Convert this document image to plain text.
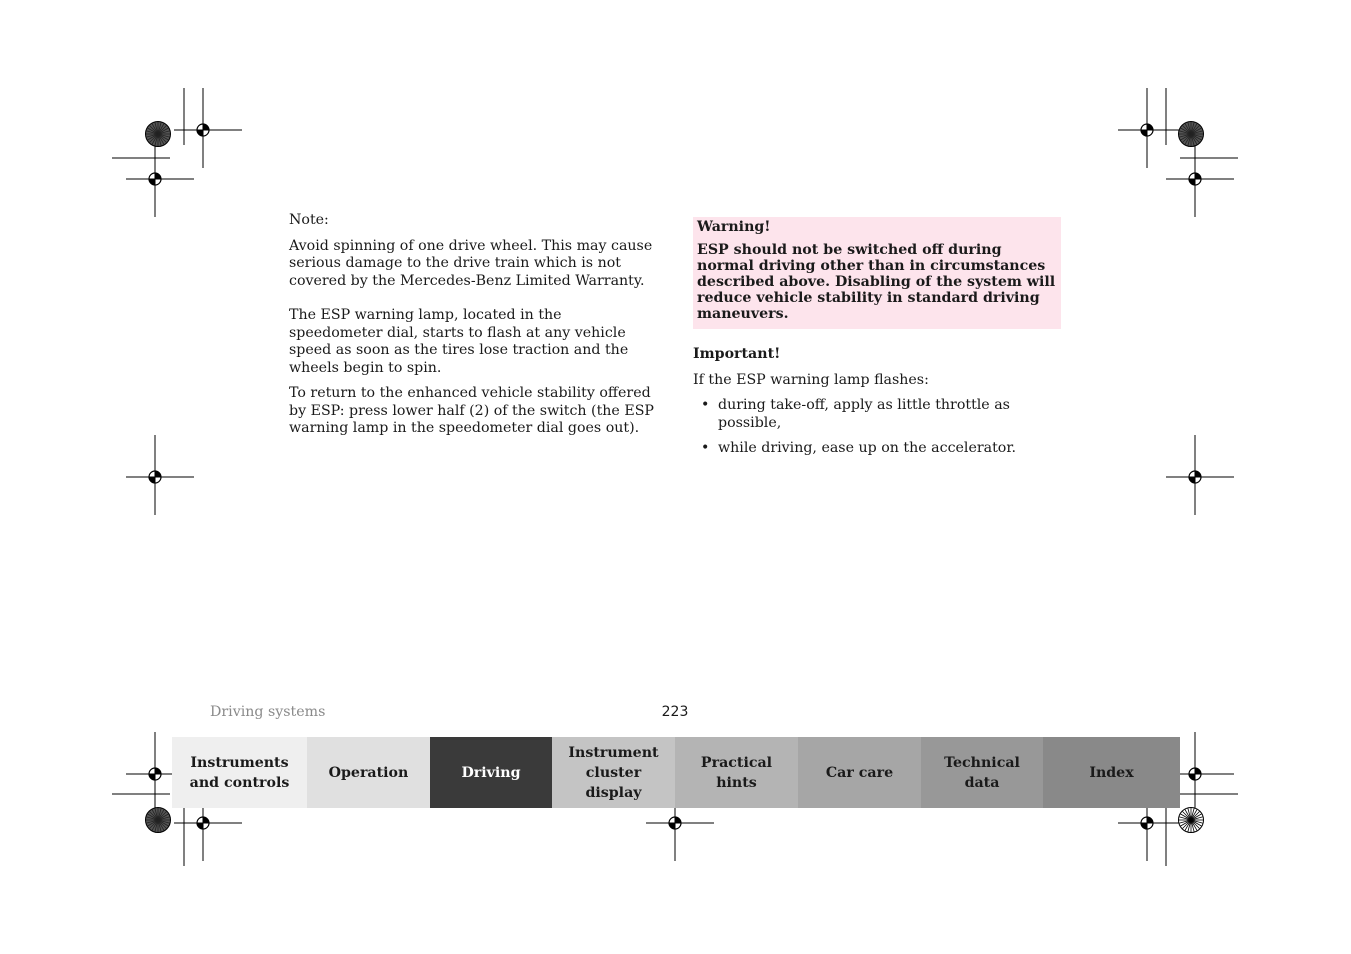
Note:

Avoid spinning of one drive wheel. This may cause serious damage to the drive train which is not covered by the Mercedes-Benz Limited Warranty.

The ESP warning lamp, located in the speedometer dial, starts to flash at any vehicle speed as soon as the tires lose traction and the wheels begin to spin.

To return to the enhanced vehicle stability offered by ESP: press lower half (2) of the switch (the ESP warning lamp in the speedometer dial goes out).

Warning!

ESP should not be switched off during normal driving other than in circumstances described above. Disabling of the system will reduce vehicle stability in standard driving maneuvers.

Important!

If the ESP warning lamp flashes:

• during take-off, apply as little throttle as possible,
• while driving, ease up on the accelerator.
Driving systems	223
Instruments
and controls
Operation	Driving
Instrument
cluster display
Practical hints
Car care
Technical
data
Index
